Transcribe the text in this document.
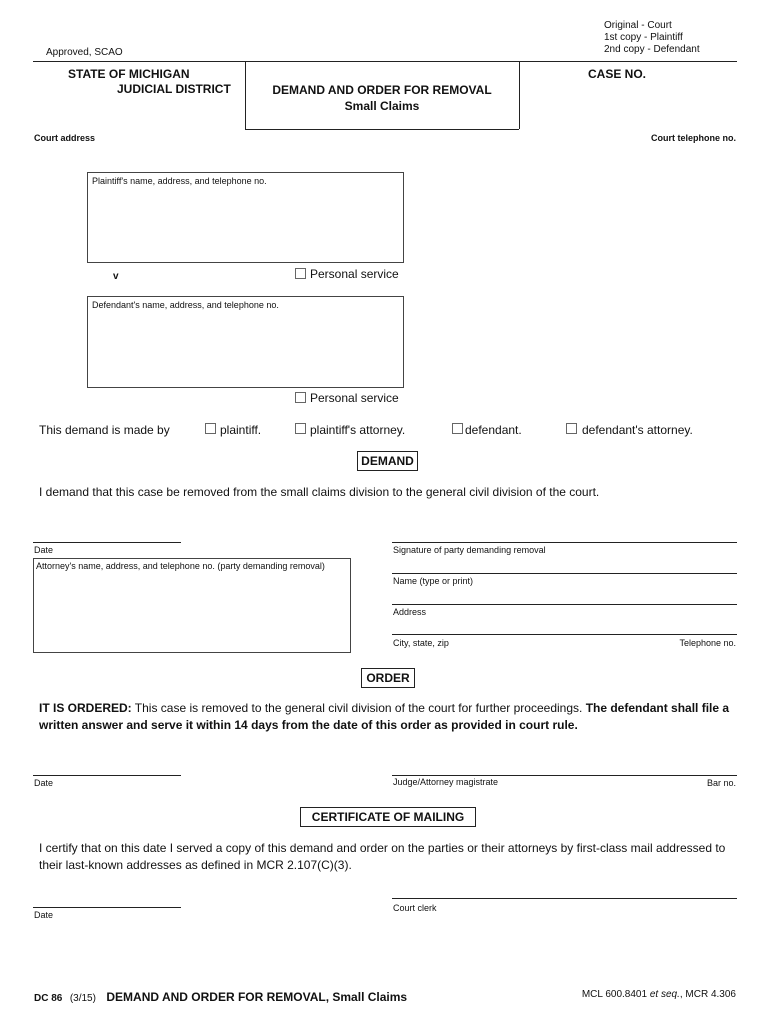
Original - Court
1st copy - Plaintiff
2nd copy - Defendant
Approved, SCAO
STATE OF MICHIGAN
JUDICIAL DISTRICT	DEMAND AND ORDER FOR REMOVAL
Small Claims
CASE NO.
Court address	Court telephone no.
Plaintiff's name, address, and telephone no.
v	Personal service
Defendant's name, address, and telephone no.
Personal service
This demand is made by	plaintiff.	plaintiff's attorney.	defendant.	defendant's attorney.
DEMAND
I demand that this case be removed from the small claims division to the general civil division of the court.
Date	Signature of party demanding removal
Attorney's name, address, and telephone no. (party demanding removal)
Name (type or print)
Address
City, state, zip	Telephone no.
ORDER
IT IS ORDERED: This case is removed to the general civil division of the court for further proceedings. The defendant shall file a written answer and serve it within 14 days from the date of this order as provided in court rule.
Date	Judge/Attorney magistrate	Bar no.
CERTIFICATE OF MAILING
I certify that on this date I served a copy of this demand and order on the parties or their attorneys by first-class mail addressed to their last-known addresses as defined in MCR 2.107(C)(3).
Date
Court clerk
DC 86 (3/15) DEMAND AND ORDER FOR REMOVAL, Small Claims	MCL 600.8401 et seq., MCR 4.306
